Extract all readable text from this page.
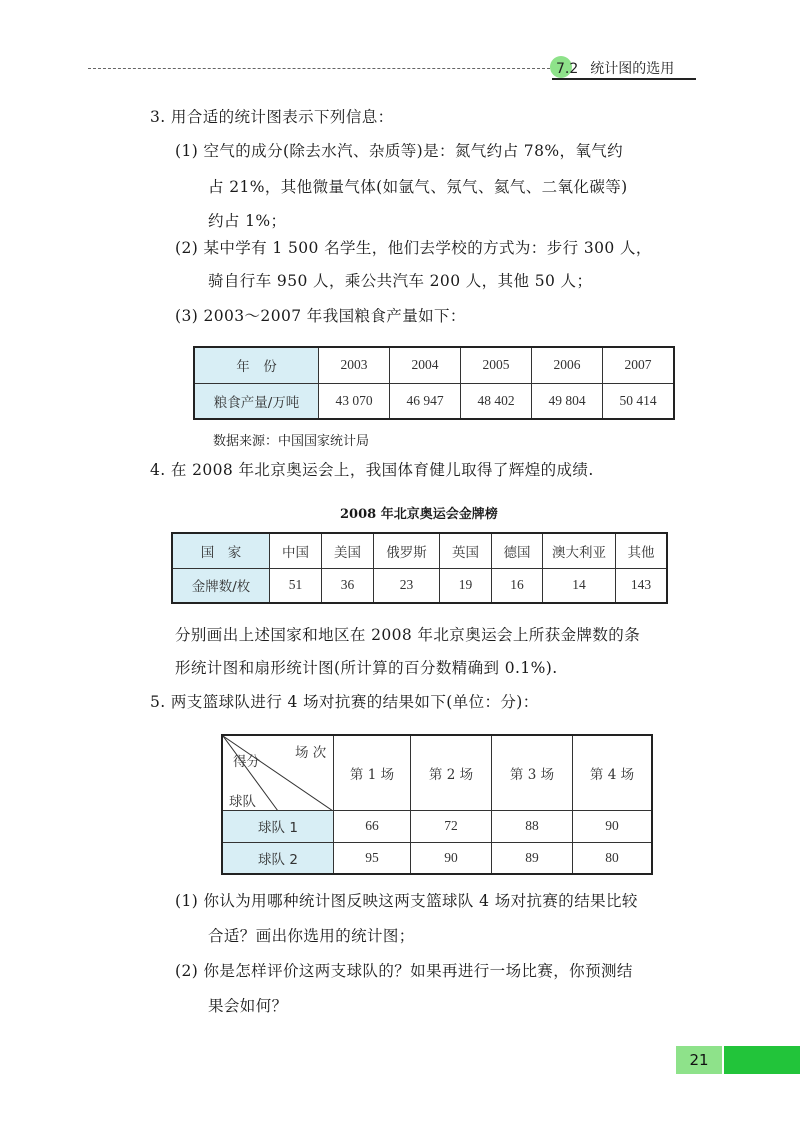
7.2 统计图的选用
3. 用合适的统计图表示下列信息：
(1) 空气的成分(除去水汽、杂质等)是：氮气约占 78%，氧气约
占 21%，其他微量气体(如氩气、氖气、氦气、二氧化碳等)
约占 1%；
(2) 某中学有 1 500 名学生，他们去学校的方式为：步行 300 人，
骑自行车 950 人，乘公共汽车 200 人，其他 50 人；
(3) 2003～2007 年我国粮食产量如下：
年　份	2003	2004	2005	2006	2007
粮食产量/万吨	43 070	46 947	48 402	49 804	50 414
数据来源：中国国家统计局
4. 在 2008 年北京奥运会上，我国体育健儿取得了辉煌的成绩.
2008 年北京奥运会金牌榜
国　家	中国	美国	俄罗斯	英国	德国	澳大利亚	其他
金牌数/枚	51	36	23	19	16	14	143
分别画出上述国家和地区在 2008 年北京奥运会上所获金牌数的条
形统计图和扇形统计图(所计算的百分数精确到 0.1%).
5. 两支篮球队进行 4 场对抗赛的结果如下(单位：分)：
场 次
得分
球队	第 1 场	第 2 场	第 3 场	第 4 场
球队 1	66	72	88	90
球队 2	95	90	89	80
(1) 你认为用哪种统计图反映这两支篮球队 4 场对抗赛的结果比较
合适？画出你选用的统计图；
(2) 你是怎样评价这两支球队的？如果再进行一场比赛，你预测结
果会如何？
21
